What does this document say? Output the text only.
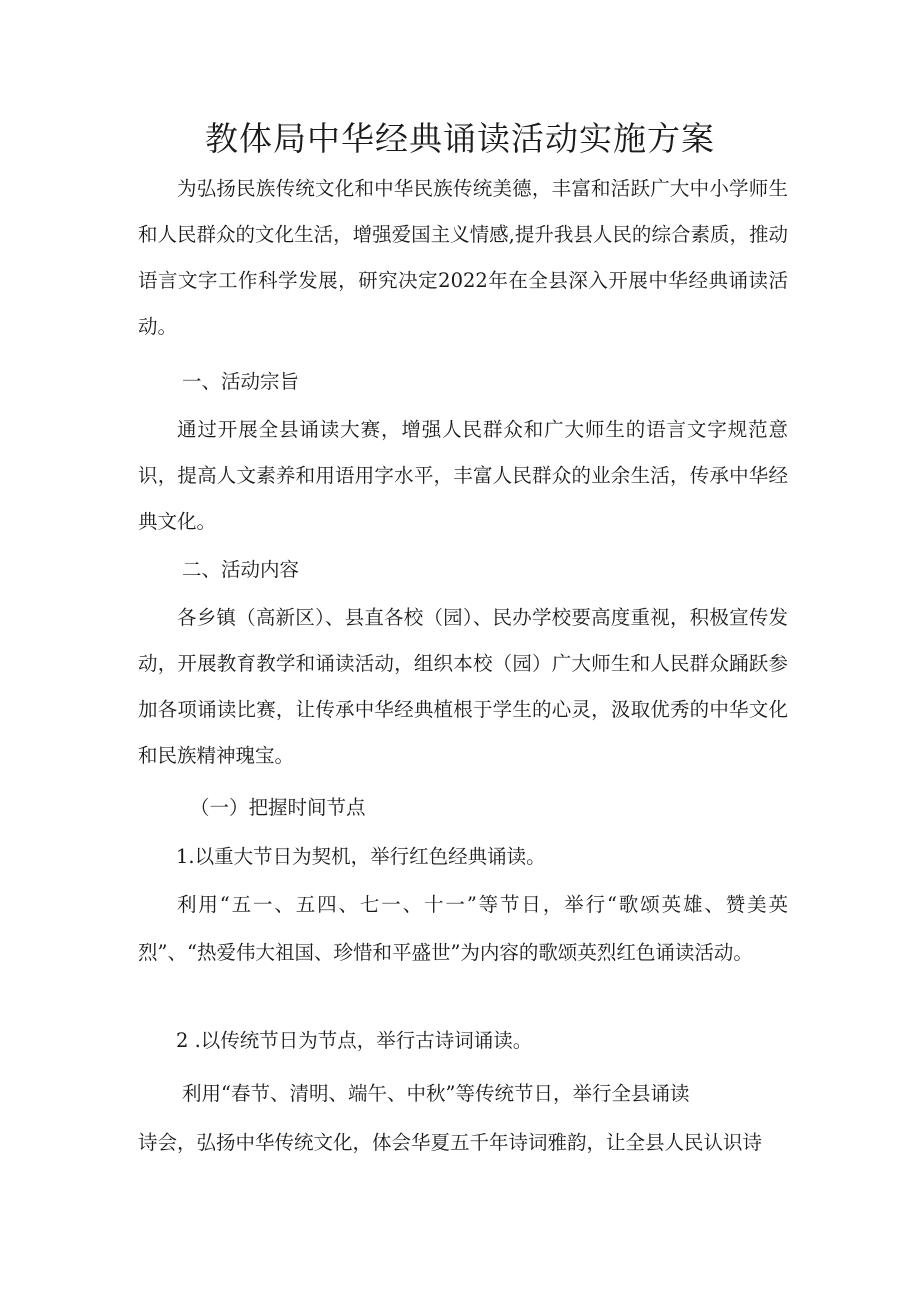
教体局中华经典诵读活动实施方案

为弘扬民族传统文化和中华民族传统美德，丰富和活跃广大中小学师生和人民群众的文化生活，增强爱国主义情感,提升我县人民的综合素质，推动语言文字工作科学发展，研究决定2022年在全县深入开展中华经典诵读活动。

一、活动宗旨

通过开展全县诵读大赛，增强人民群众和广大师生的语言文字规范意识，提高人文素养和用语用字水平，丰富人民群众的业余生活，传承中华经典文化。

二、活动内容

各乡镇（高新区）、县直各校（园）、民办学校要高度重视，积极宣传发动，开展教育教学和诵读活动，组织本校（园）广大师生和人民群众踊跃参加各项诵读比赛，让传承中华经典植根于学生的心灵，汲取优秀的中华文化和民族精神瑰宝。

（一）把握时间节点

1.以重大节日为契机，举行红色经典诵读。

利用“五一、五四、七一、十一”等节日，举行“歌颂英雄、赞美英烈”、“热爱伟大祖国、珍惜和平盛世”为内容的歌颂英烈红色诵读活动。

2 .以传统节日为节点，举行古诗词诵读。

利用“春节、清明、端午、中秋”等传统节日，举行全县诵读

诗会，弘扬中华传统文化，体会华夏五千年诗词雅韵，让全县人民认识诗
